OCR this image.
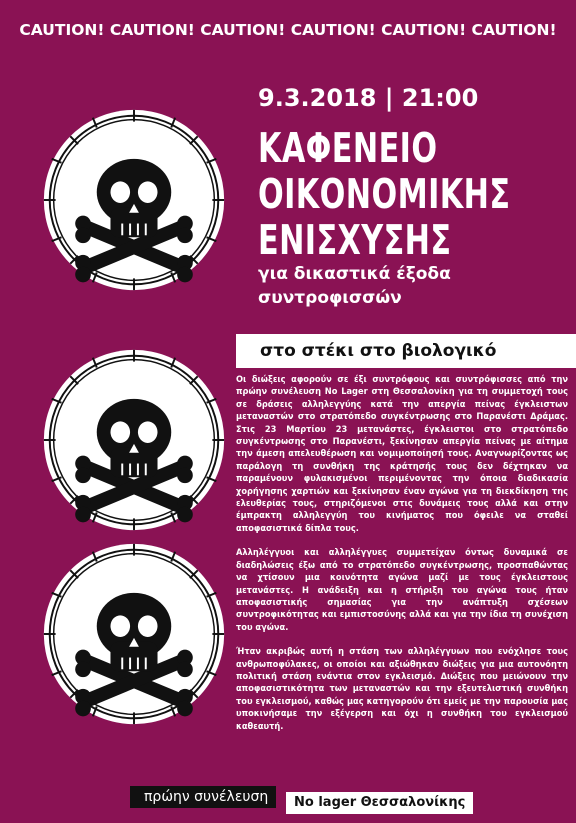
CAUTION! CAUTION! CAUTION! CAUTION! CAUTION! CAUTION!
9.3.2018 | 21:00
ΚΑΦΕΝΕΙΟ
ΟΙΚΟΝΟΜΙΚΗΣ
ΕΝΙΣΧΥΣΗΣ
για δικαστικά έξοδα
συντροφισσών
στο στέκι στο βιολογικό

Οι διώξεις αφορούν σε έξι συντρόφους και συντρόφισσες από την πρώην συνέλευση No Lager στη Θεσσαλονίκη για τη συμμετοχή τους σε δράσεις αλληλεγγύης κατά την απεργία πείνας έγκλειστων μεταναστών στο στρατόπεδο συγκέντρωσης στο Παρανέστι Δράμας. Στις 23 Μαρτίου 23 μετανάστες, έγκλειστοι στο στρατόπεδο συγκέντρωσης στο Παρανέστι, ξεκίνησαν απεργία πείνας με αίτημα την άμεση απελευθέρωση και νομιμοποίησή τους. Αναγνωρίζοντας ως παράλογη τη συνθήκη της κράτησής τους δεν δέχτηκαν να παραμένουν φυλακισμένοι περιμένοντας την όποια διαδικασία χορήγησης χαρτιών και ξεκίνησαν έναν αγώνα για τη διεκδίκηση της ελευθερίας τους, στηριζόμενοι στις δυνάμεις τους αλλά και στην έμπρακτη αλληλεγγύη του κινήματος που όφειλε να σταθεί αποφασιστικά δίπλα τους.

Αλληλέγγυοι και αλληλέγγυες συμμετείχαν όντως δυναμικά σε διαδηλώσεις έξω από το στρατόπεδο συγκέντρωσης, προσπαθώντας να χτίσουν μια κοινότητα αγώνα μαζί με τους έγκλειστους μετανάστες. Η ανάδειξη και η στήριξη του αγώνα τους ήταν αποφασιστικής σημασίας για την ανάπτυξη σχέσεων συντροφικότητας και εμπιστοσύνης αλλά και για την ίδια τη συνέχιση του αγώνα.

Ήταν ακριβώς αυτή η στάση των αλληλέγγυων που ενόχλησε τους ανθρωποφύλακες, οι οποίοι και αξιώθηκαν διώξεις για μια αυτονόητη πολιτική στάση ενάντια στον εγκλεισμό. Διώξεις που μειώνουν την αποφασιστικότητα των μεταναστών και την εξευτελιστική συνθήκη του εγκλεισμού, καθώς μας κατηγορούν ότι εμείς με την παρουσία μας υποκινήσαμε την εξέγερση και όχι η συνθήκη του εγκλεισμού καθεαυτή.

πρώην συνέλευση	No lager Θεσσαλονίκης
